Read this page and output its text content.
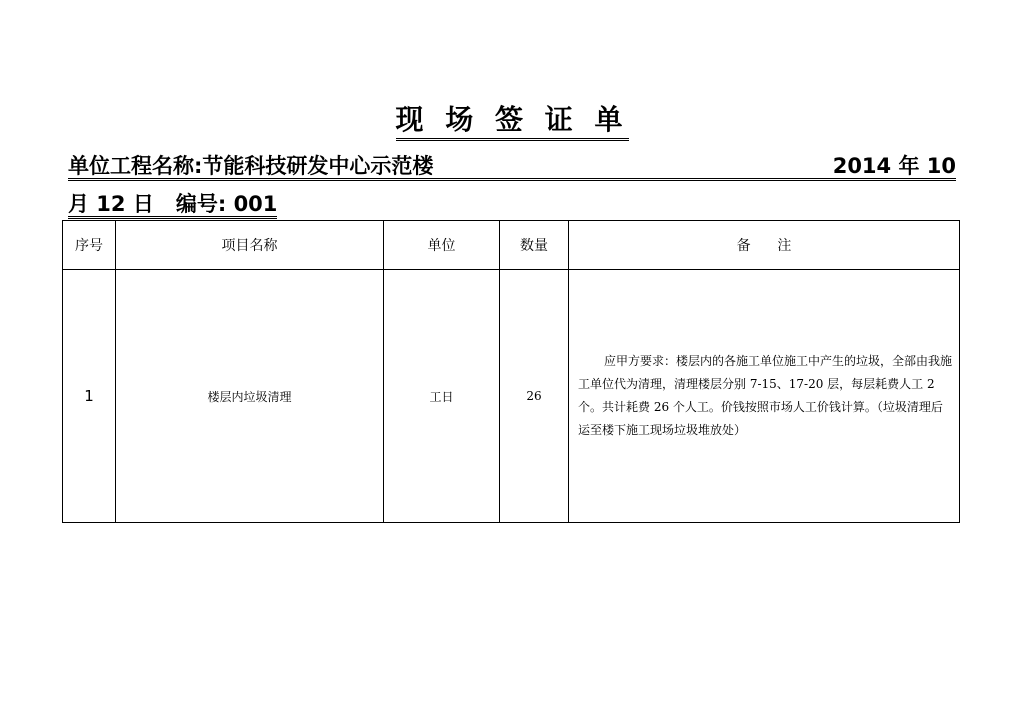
现 场 签 证 单
单位工程名称:节能科技研发中心示范楼	2014 年 10
月 12 日 编号: 001
序号	项目名称	单位	数量	备      注
1	楼层内垃圾清理	工日	26	应甲方要求：楼层内的各施工单位施工中产生的垃圾，全部由我施工单位代为清理，清理楼层分别 7-15、17-20 层，每层耗费人工 2 个。共计耗费 26 个人工。价钱按照市场人工价钱计算。（垃圾清理后运至楼下施工现场垃圾堆放处）
